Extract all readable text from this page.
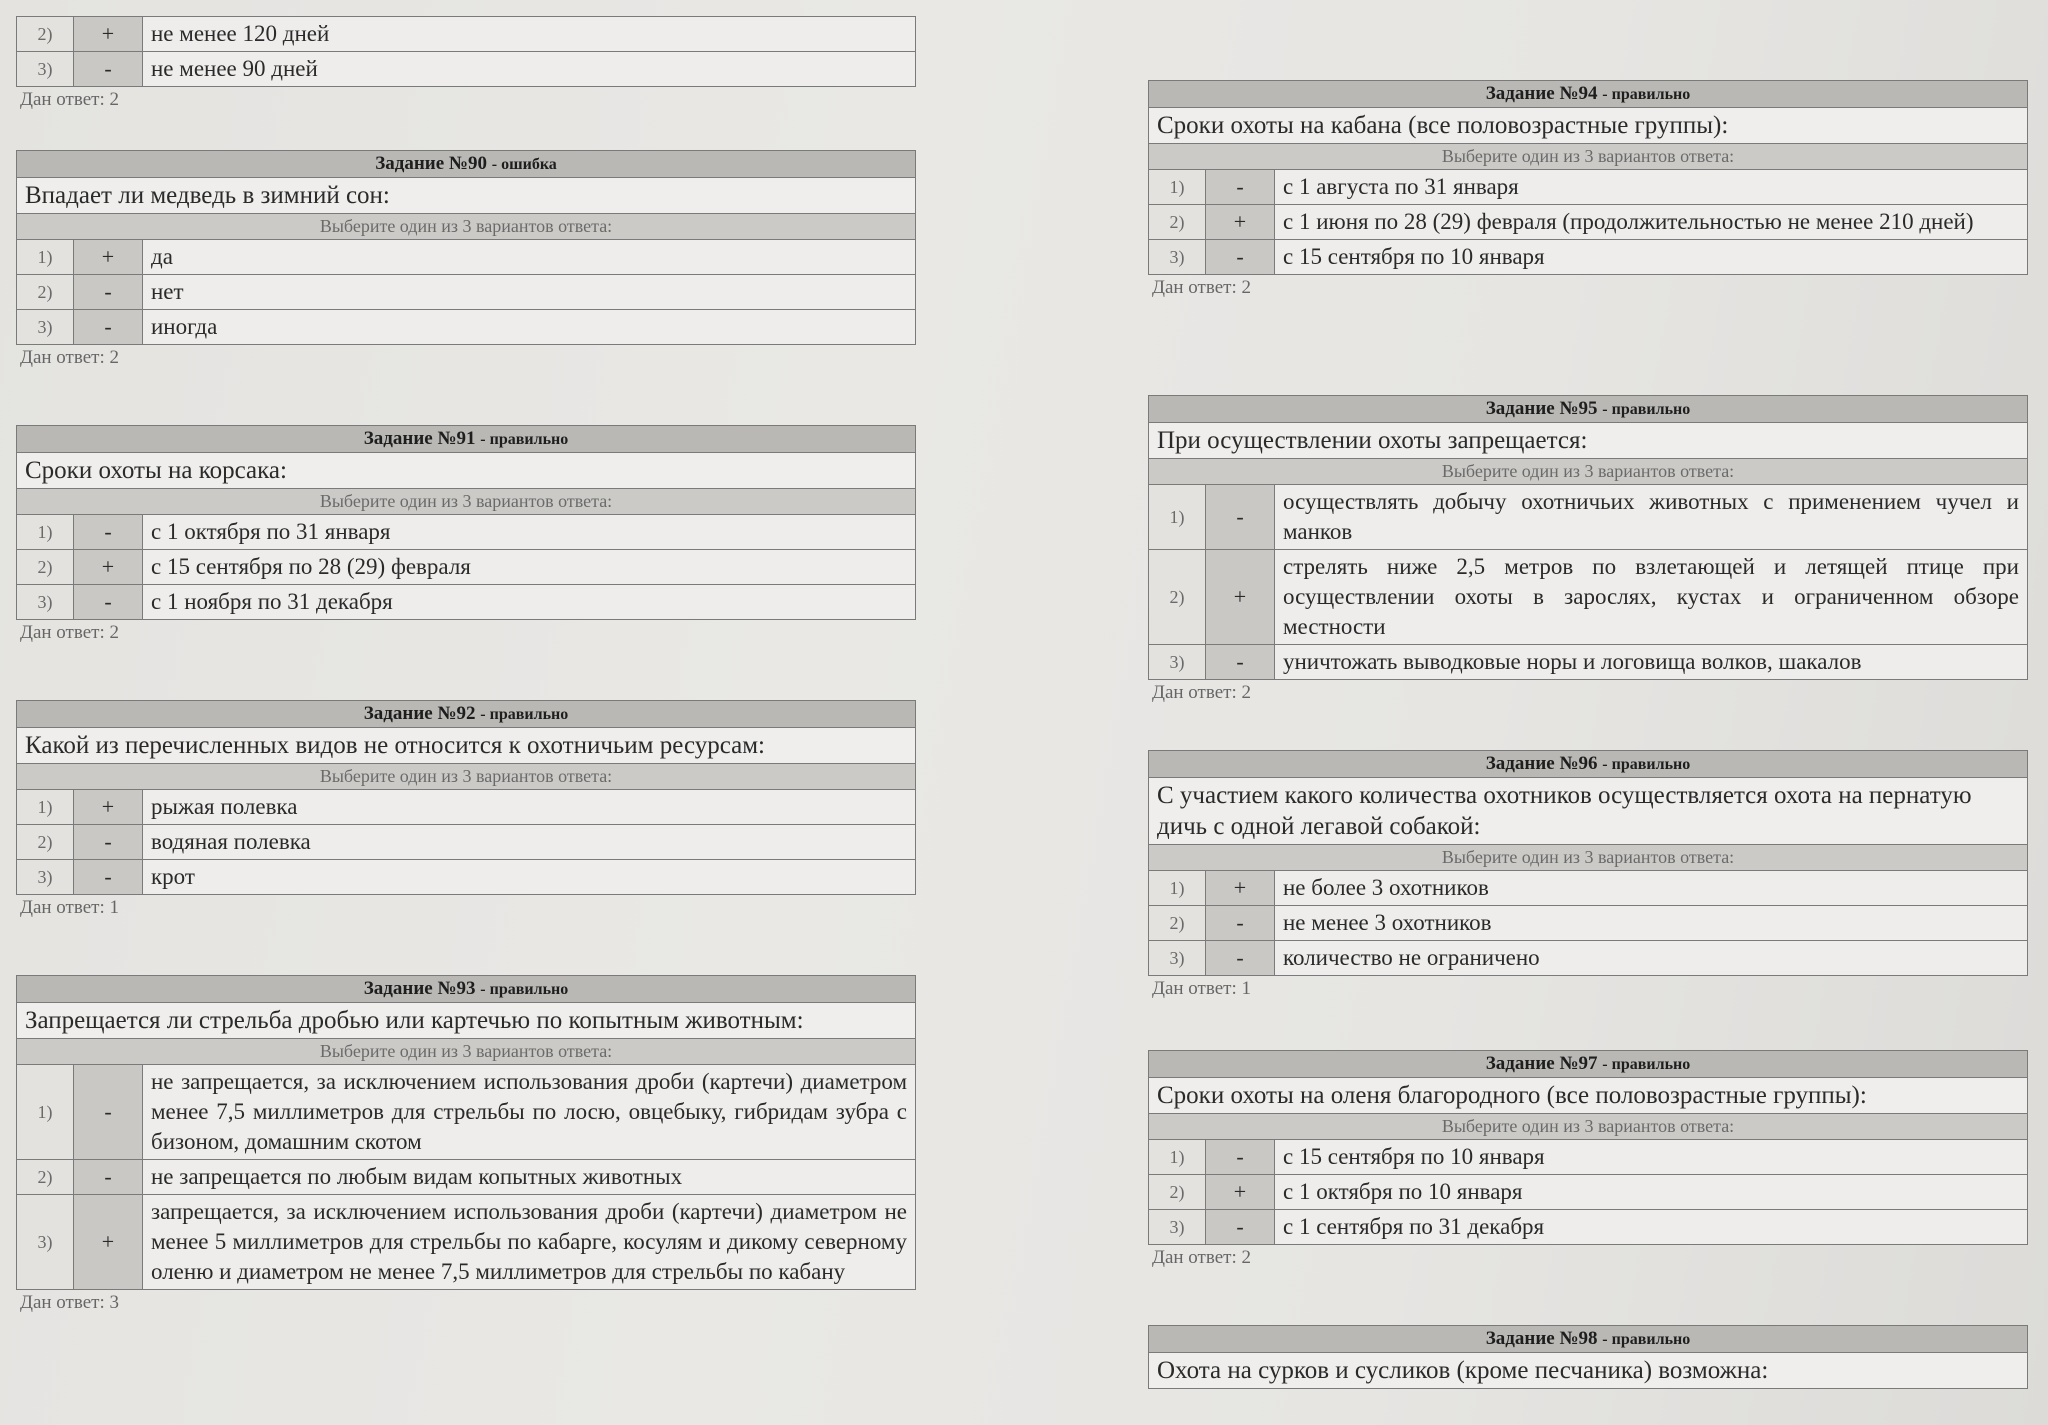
2)	+	не менее 120 дней
3)	-	не менее 90 дней
Дан ответ: 2
Задание №90 - ошибка		
Впадает ли медведь в зимний сон:		
Выберите один из 3 вариантов ответа:		
1)	+	да
2)	-	нет
3)	-	иногда
Дан ответ: 2
Задание №91 - правильно		
Сроки охоты на корсака:		
Выберите один из 3 вариантов ответа:		
1)	-	с 1 октября по 31 января
2)	+	с 15 сентября по 28 (29) февраля
3)	-	с 1 ноября по 31 декабря
Дан ответ: 2
Задание №92 - правильно		
Какой из перечисленных видов не относится к охотничьим ресурсам:		
Выберите один из 3 вариантов ответа:		
1)	+	рыжая полевка
2)	-	водяная полевка
3)	-	крот
Дан ответ: 1
Задание №93 - правильно		
Запрещается ли стрельба дробью или картечью по копытным животным:		
Выберите один из 3 вариантов ответа:		
1)	-	не запрещается, за исключением использования дроби (картечи) диаметром менее 7,5 миллиметров для стрельбы по лосю, овцебыку, гибридам зубра с бизоном, домашним скотом
2)	-	не запрещается по любым видам копытных животных
3)	+	запрещается, за исключением использования дроби (картечи) диаметром не менее 5 миллиметров для стрельбы по кабарге, косулям и дикому северному оленю и диаметром не менее 7,5 миллиметров для стрельбы по кабану
Дан ответ: 3
Задание №94 - правильно		
Сроки охоты на кабана (все половозрастные группы):		
Выберите один из 3 вариантов ответа:		
1)	-	с 1 августа по 31 января
2)	+	с 1 июня по 28 (29) февраля (продолжительностью не менее 210 дней)
3)	-	с 15 сентября по 10 января
Дан ответ: 2
Задание №95 - правильно		
При осуществлении охоты запрещается:		
Выберите один из 3 вариантов ответа:		
1)	-	осуществлять добычу охотничьих животных с применением чучел и манков
2)	+	стрелять ниже 2,5 метров по взлетающей и летящей птице при осуществлении охоты в зарослях, кустах и ограниченном обзоре местности
3)	-	уничтожать выводковые норы и логовища волков, шакалов
Дан ответ: 2
Задание №96 - правильно		
С участием какого количества охотников осуществляется охота на пернатую дичь с одной легавой собакой:		
Выберите один из 3 вариантов ответа:		
1)	+	не более 3 охотников
2)	-	не менее 3 охотников
3)	-	количество не ограничено
Дан ответ: 1
Задание №97 - правильно		
Сроки охоты на оленя благородного (все половозрастные группы):		
Выберите один из 3 вариантов ответа:		
1)	-	с 15 сентября по 10 января
2)	+	с 1 октября по 10 января
3)	-	с 1 сентября по 31 декабря
Дан ответ: 2
Задание №98 - правильно
Охота на сурков и сусликов (кроме песчаника) возможна:
